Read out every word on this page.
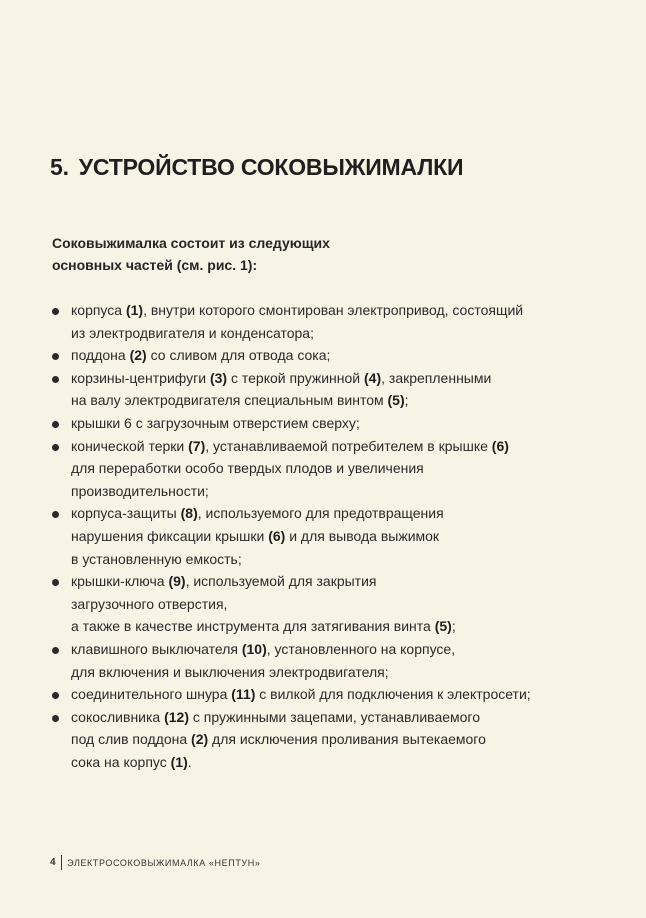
5. УСТРОЙСТВО СОКОВЫЖИМАЛКИ
Соковыжималка состоит из следующих
основных частей (см. рис. 1):
корпуса (1), внутри которого смонтирован электропривод, состоящий
из электродвигателя и конденсатора;
поддона (2) со сливом для отвода сока;
корзины-центрифуги (3) с теркой пружинной (4), закрепленными
на валу электродвигателя специальным винтом (5);
крышки 6 с загрузочным отверстием сверху;
конической терки (7), устанавливаемой потребителем в крышке (6)
для переработки особо твердых плодов и увеличения
производительности;
корпуса-защиты (8), используемого для предотвращения
нарушения фиксации крышки (6) и для вывода выжимок
в установленную емкость;
крышки-ключа (9), используемой для закрытия
загрузочного отверстия,
а также в качестве инструмента для затягивания винта (5);
клавишного выключателя (10), установленного на корпусе,
для включения и выключения электродвигателя;
соединительного шнура (11) с вилкой для подключения к электросети;
сокосливника (12) с пружинными зацепами, устанавливаемого
под слив поддона (2) для исключения проливания вытекаемого
сока на корпус (1).
4 ЭЛЕКТРОСОКОВЫЖИМАЛКА «НЕПТУН»
